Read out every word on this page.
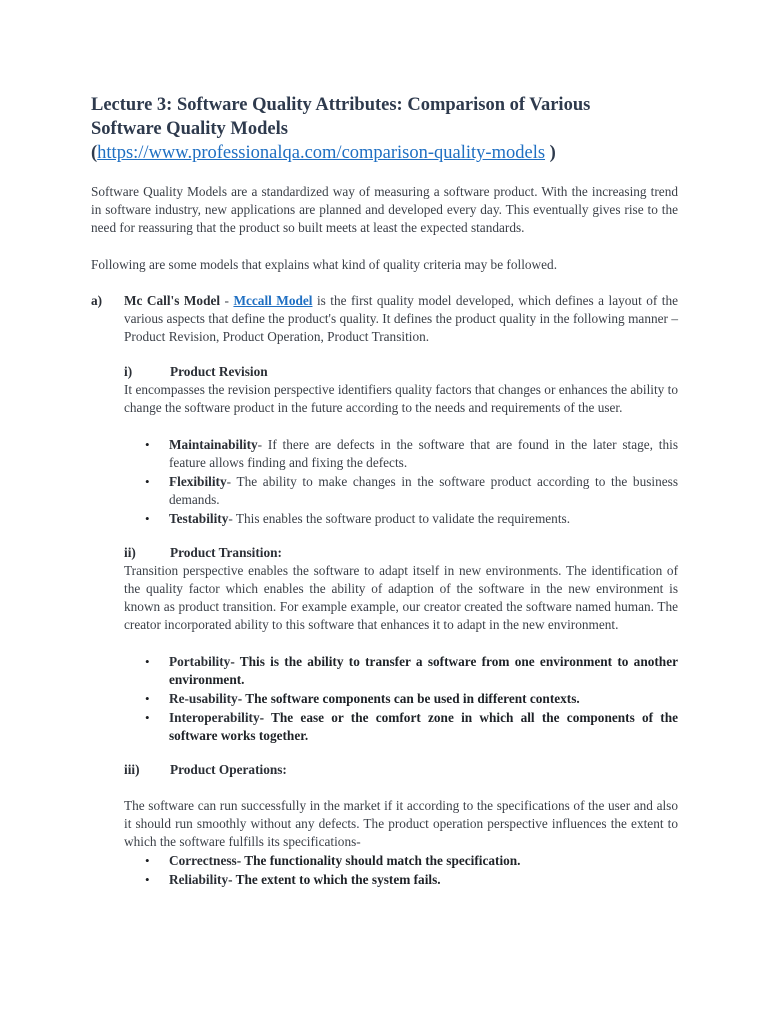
Lecture 3: Software Quality Attributes: Comparison of Various
Software Quality Models
(https://www.professionalqa.com/comparison-quality-models )

Software Quality Models are a standardized way of measuring a software product. With the increasing trend in software industry, new applications are planned and developed every day. This eventually gives rise to the need for reassuring that the product so built meets at least the expected standards.

Following are some models that explains what kind of quality criteria may be followed.

a) Mc Call's Model - Mccall Model is the first quality model developed, which defines a layout of the various aspects that define the product's quality. It defines the product quality in the following manner – Product Revision, Product Operation, Product Transition.

i)	Product Revision

It encompasses the revision perspective identifiers quality factors that changes or enhances the ability to change the software product in the future according to the needs and requirements of the user.

• Maintainability- If there are defects in the software that are found in the later stage, this feature allows finding and fixing the defects.
• Flexibility- The ability to make changes in the software product according to the business demands.
• Testability- This enables the software product to validate the requirements.
ii)	Product Transition:

Transition perspective enables the software to adapt itself in new environments. The identification of the quality factor which enables the ability of adaption of the software in the new environment is known as product transition. For example example, our creator created the software named human. The creator incorporated ability to this software that enhances it to adapt in the new environment.

• Portability- This is the ability to transfer a software from one environment to another environment.
• Re-usability- The software components can be used in different contexts.
• Interoperability- The ease or the comfort zone in which all the components of the software works together.
iii) Product Operations:

The software can run successfully in the market if it according to the specifications of the user and also it should run smoothly without any defects. The product operation perspective influences the extent to which the software fulfills its specifications-

• Correctness- The functionality should match the specification.
• Reliability- The extent to which the system fails.
